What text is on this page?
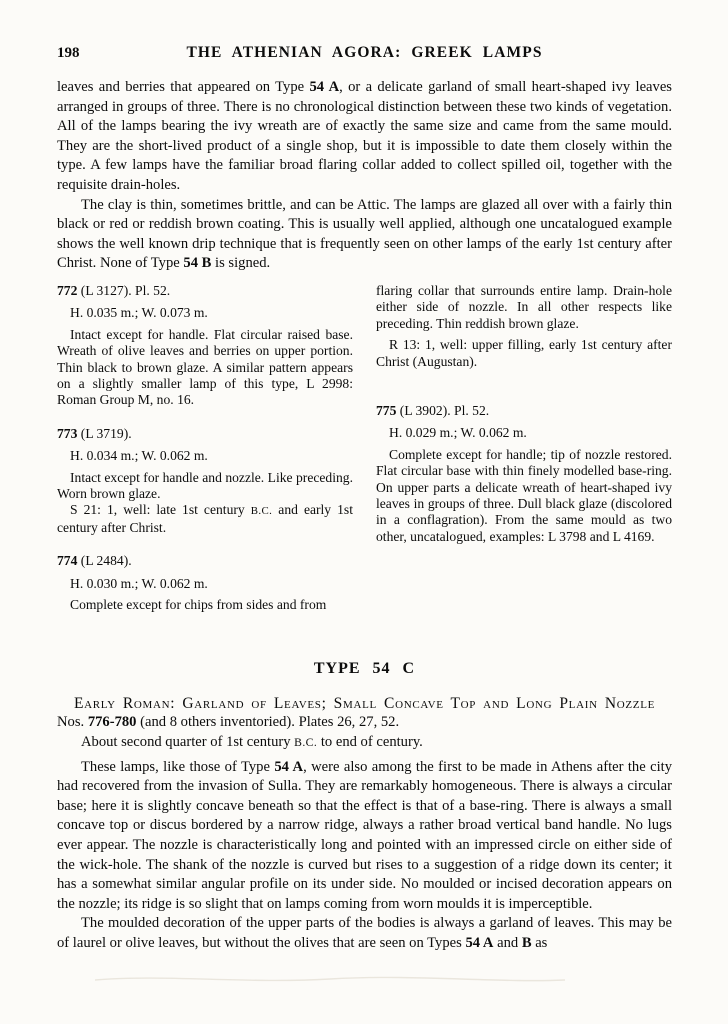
198	THE ATHENIAN AGORA: GREEK LAMPS

leaves and berries that appeared on Type 54 A, or a delicate garland of small heart-shaped ivy leaves arranged in groups of three. There is no chronological distinction between these two kinds of vegetation. All of the lamps bearing the ivy wreath are of exactly the same size and came from the same mould. They are the short-lived product of a single shop, but it is impossible to date them closely within the type. A few lamps have the familiar broad flaring collar added to collect spilled oil, together with the requisite drain-holes.

The clay is thin, sometimes brittle, and can be Attic. The lamps are glazed all over with a fairly thin black or red or reddish brown coating. This is usually well applied, although one uncatalogued example shows the well known drip technique that is frequently seen on other lamps of the early 1st century after Christ. None of Type 54 B is signed.

772 (L 3127). Pl. 52.

H. 0.035 m.; W. 0.073 m.

Intact except for handle. Flat circular raised base. Wreath of olive leaves and berries on upper portion. Thin black to brown glaze. A similar pattern appears on a slightly smaller lamp of this type, L 2998: Roman Group M, no. 16.

773 (L 3719).

H. 0.034 m.; W. 0.062 m.

Intact except for handle and nozzle. Like preceding. Worn brown glaze.

S 21: 1, well: late 1st century B.C. and early 1st century after Christ.

774 (L 2484).

H. 0.030 m.; W. 0.062 m.

Complete except for chips from sides and from

flaring collar that surrounds entire lamp. Drain-hole either side of nozzle. In all other respects like preceding. Thin reddish brown glaze.

R 13: 1, well: upper filling, early 1st century after Christ (Augustan).

775 (L 3902). Pl. 52.

H. 0.029 m.; W. 0.062 m.

Complete except for handle; tip of nozzle restored. Flat circular base with thin finely modelled base-ring. On upper parts a delicate wreath of heart-shaped ivy leaves in groups of three. Dull black glaze (discolored in a conflagration). From the same mould as two other, uncatalogued, examples: L 3798 and L 4169.

TYPE 54 C
Early Roman: Garland of Leaves; Small Concave Top and Long Plain Nozzle

Nos. 776-780 (and 8 others inventoried). Plates 26, 27, 52.

About second quarter of 1st century B.C. to end of century.

These lamps, like those of Type 54 A, were also among the first to be made in Athens after the city had recovered from the invasion of Sulla. They are remarkably homogeneous. There is always a circular base; here it is slightly concave beneath so that the effect is that of a base-ring. There is always a small concave top or discus bordered by a narrow ridge, always a rather broad vertical band handle. No lugs ever appear. The nozzle is characteristically long and pointed with an impressed circle on either side of the wick-hole. The shank of the nozzle is curved but rises to a suggestion of a ridge down its center; it has a somewhat similar angular profile on its under side. No moulded or incised decoration appears on the nozzle; its ridge is so slight that on lamps coming from worn moulds it is imperceptible.

The moulded decoration of the upper parts of the bodies is always a garland of leaves. This may be of laurel or olive leaves, but without the olives that are seen on Types 54 A and B as
